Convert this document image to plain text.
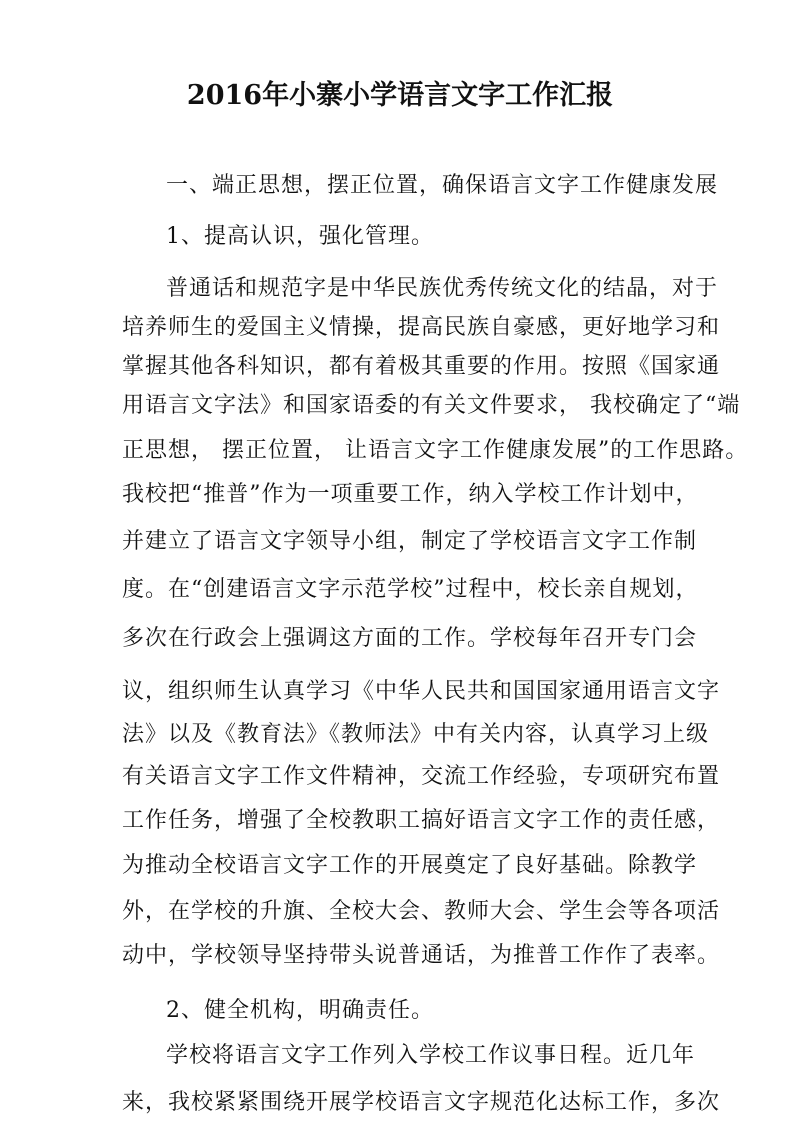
2016年小寨小学语言文字工作汇报
一、端正思想，摆正位置，确保语言文字工作健康发展
1、提高认识，强化管理。
普通话和规范字是中华民族优秀传统文化的结晶，对于
培养师生的爱国主义情操，提高民族自豪感，更好地学习和
掌握其他各科知识，都有着极其重要的作用。按照《国家通
用语言文字法》和国家语委的有关文件要求， 我校确定了“端
正思想， 摆正位置， 让语言文字工作健康发展”的工作思路。
我校把“推普”作为一项重要工作，纳入学校工作计划中，
并建立了语言文字领导小组，制定了学校语言文字工作制
度。在“创建语言文字示范学校”过程中，校长亲自规划，
多次在行政会上强调这方面的工作。学校每年召开专门会
议，组织师生认真学习《中华人民共和国国家通用语言文字
法》以及《教育法》《教师法》中有关内容，认真学习上级
有关语言文字工作文件精神，交流工作经验，专项研究布置
工作任务，增强了全校教职工搞好语言文字工作的责任感，
为推动全校语言文字工作的开展奠定了良好基础。除教学
外，在学校的升旗、全校大会、教师大会、学生会等各项活
动中，学校领导坚持带头说普通话，为推普工作作了表率。
2、健全机构，明确责任。
学校将语言文字工作列入学校工作议事日程。近几年
来，我校紧紧围绕开展学校语言文字规范化达标工作，多次
